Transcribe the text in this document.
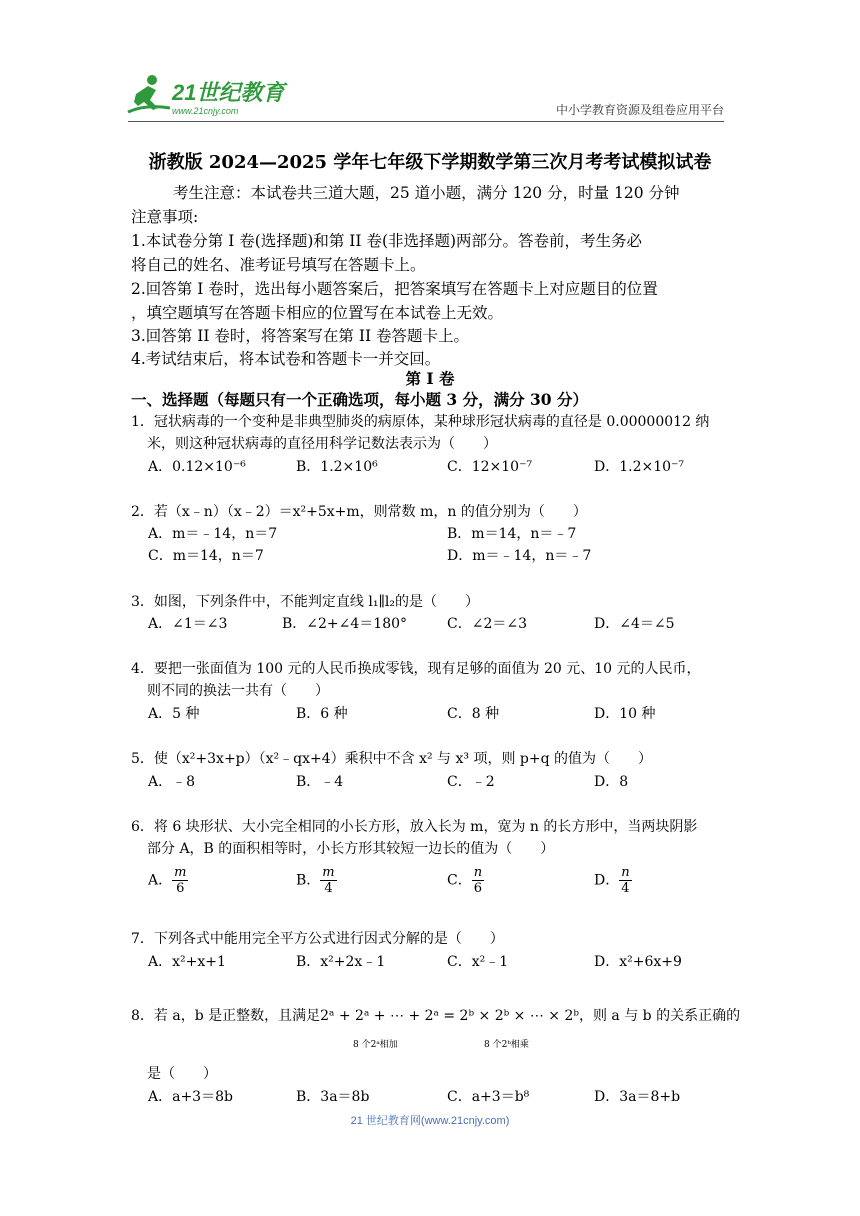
21世纪教育
www.21cnjy.com	中小学教育资源及组卷应用平台
浙教版 2024—2025 学年七年级下学期数学第三次月考考试模拟试卷
考生注意：本试卷共三道大题，25 道小题，满分 120 分，时量 120 分钟
注意事项:
1.本试卷分第 I 卷(选择题)和第 II 卷(非选择题)两部分。答卷前，考生务必
将自己的姓名、准考证号填写在答题卡上。
2.回答第 I 卷时，选出每小题答案后，把答案填写在答题卡上对应题目的位置
，填空题填写在答题卡相应的位置写在本试卷上无效。
3.回答第 II 卷时，将答案写在第 II 卷答题卡上。
4.考试结束后，将本试卷和答题卡一并交回。
第 I 卷
一、选择题（每题只有一个正确选项，每小题 3 分，满分 30 分）
1．冠状病毒的一个变种是非典型肺炎的病原体，某种球形冠状病毒的直径是 0.00000012 纳
米，则这种冠状病毒的直径用科学记数法表示为（　　）
A．0.12×10⁻⁶	B．1.2×10⁶	C．12×10⁻⁷	D．1.2×10⁻⁷
2．若（x﹣n）（x﹣2）＝x²+5x+m，则常数 m，n 的值分别为（　　）
A．m＝﹣14，n＝7	B．m＝14，n＝﹣7
C．m＝14，n＝7	D．m＝﹣14，n＝﹣7
3．如图，下列条件中，不能判定直线 l₁∥l₂的是（　　）
A．∠1＝∠3	B．∠2+∠4＝180°	C．∠2＝∠3	D．∠4＝∠5
4．要把一张面值为 100 元的人民币换成零钱，现有足够的面值为 20 元、10 元的人民币，
则不同的换法一共有（　　）
A．5 种	B．6 种	C．8 种	D．10 种
5．使（x²+3x+p）（x²﹣qx+4）乘积中不含 x² 与 x³ 项，则 p+q 的值为（　　）
A．﹣8	B．﹣4	C．﹣2	D．8
6．将 6 块形状、大小完全相同的小长方形，放入长为 m，宽为 n 的长方形中，当两块阴影
部分 A，B 的面积相等时，小长方形其较短一边长的值为（　　）
A． $\frac{m}{6}$	B． $\frac{m}{4}$	C． $\frac{n}{6}$	D． $\frac{n}{4}$
7．下列各式中能用完全平方公式进行因式分解的是（　　）
A．x²+x+1	B．x²+2x﹣1	C．x²﹣1	D．x²+6x+9
8．若 a，b 是正整数，且满足2ᵃ + 2ᵃ + ⋯ + 2ᵃ = 2ᵇ × 2ᵇ × ⋯ × 2ᵇ，则 a 与 b 的关系正确的
8 个2ᵃ相加	8 个2ᵇ相乘
是（　　）
A．a+3＝8b	B．3a＝8b	C．a+3＝b⁸	D．3a＝8+b
21 世纪教育网(www.21cnjy.com)
